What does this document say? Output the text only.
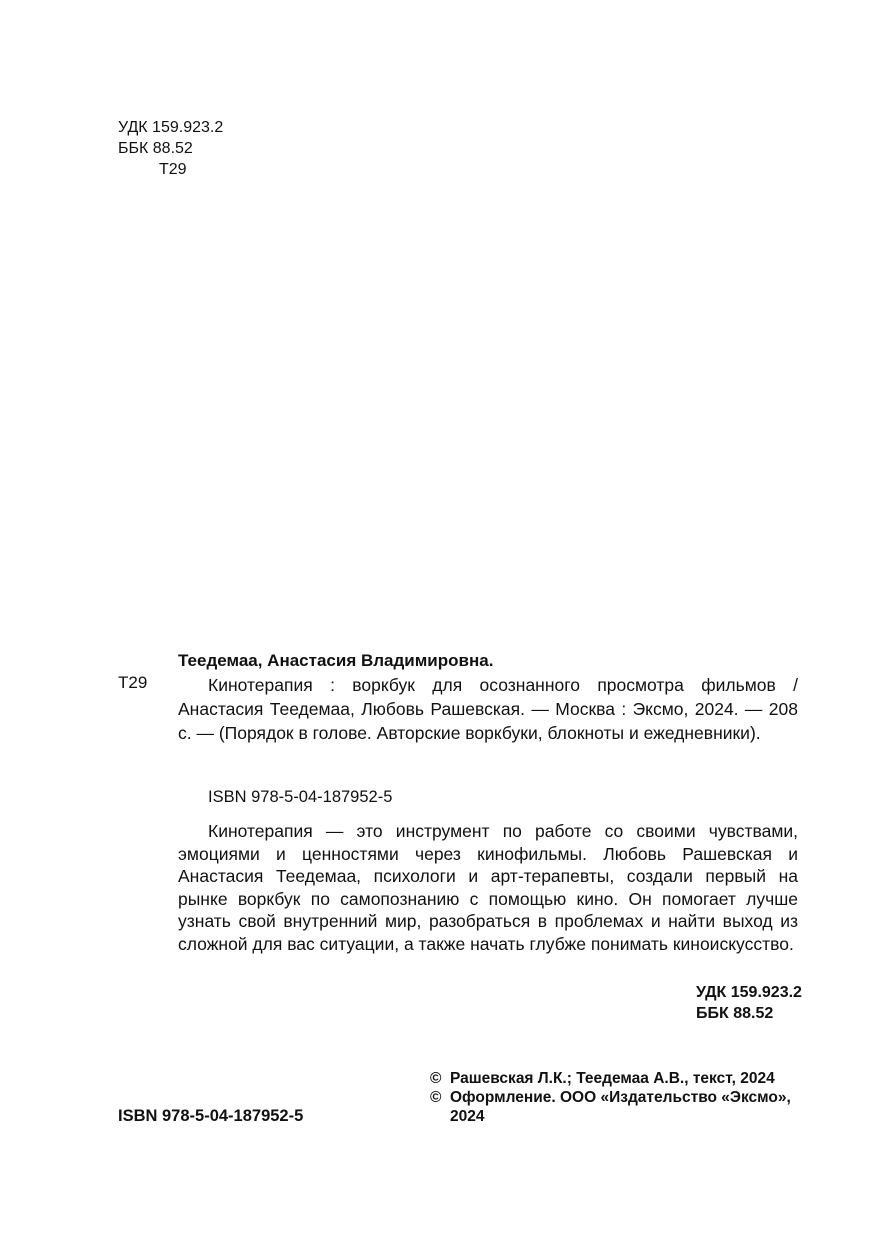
УДК 159.923.2
ББК 88.52
Т29
Теедемаа, Анастасия Владимировна.
Т29	Кинотерапия : воркбук для осознанного просмотра фильмов / Анастасия Теедемаа, Любовь Рашевская. — Москва : Эксмо, 2024. — 208 с. — (Порядок в голове. Авторские воркбуки, блокноты и ежедневники).
ISBN 978-5-04-187952-5
Кинотерапия — это инструмент по работе со своими чувствами, эмоциями и ценностями через кинофильмы. Любовь Рашевская и Анастасия Теедемаа, психологи и арт-терапевты, создали первый на рынке воркбук по самопознанию с помощью кино. Он помогает лучше узнать свой внутренний мир, разобраться в проблемах и найти выход из сложной для вас ситуации, а также начать глубже понимать киноискусство.
УДК 159.923.2
ББК 88.52
© Рашевская Л.К.; Теедемаа А.В., текст, 2024
© Оформление. ООО «Издательство «Эксмо», 2024
ISBN 978-5-04-187952-5
